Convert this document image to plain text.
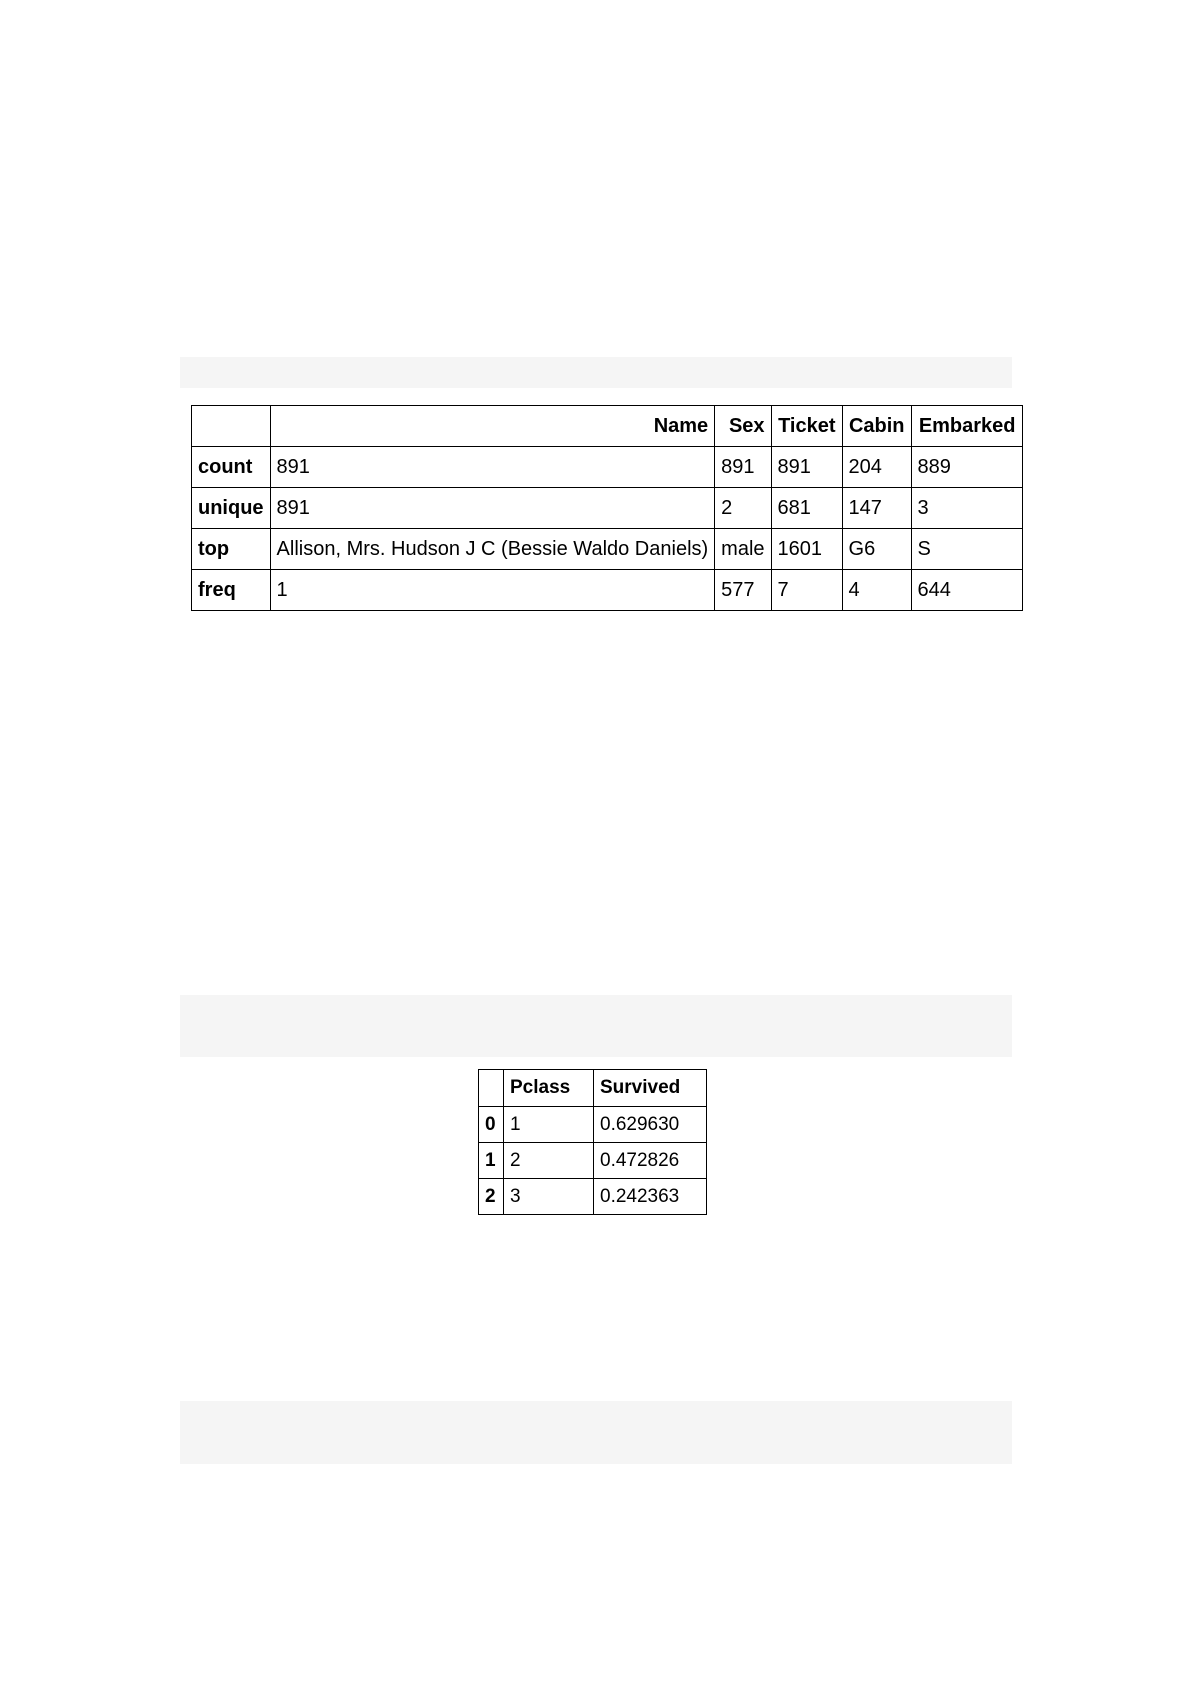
	Name	Sex	Ticket	Cabin	Embarked
count	891	891	891	204	889
unique	891	2	681	147	3
top	Allison, Mrs. Hudson J C (Bessie Waldo Daniels)	male	1601	G6	S
freq	1	577	7	4	644
	Pclass	Survived
0	1	0.629630
1	2	0.472826
2	3	0.242363
